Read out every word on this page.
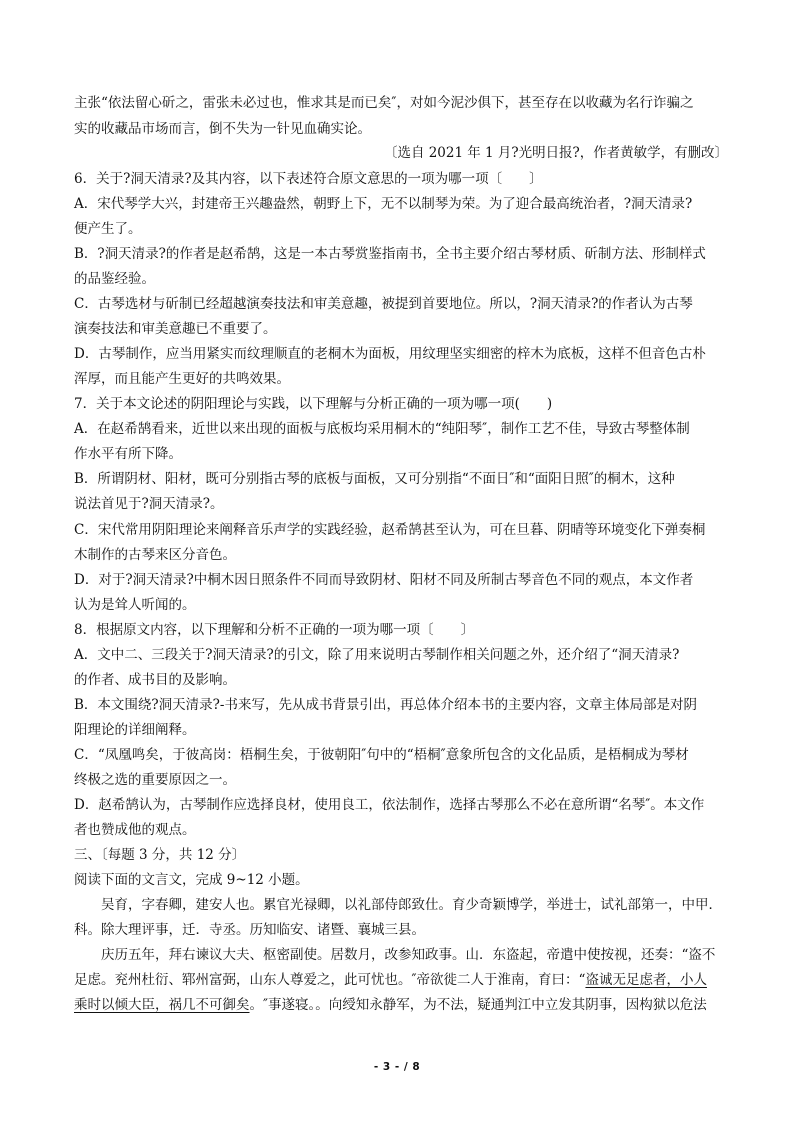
主张“依法留心斫之，雷张未必过也，惟求其是而已矣″，对如今泥沙俱下，甚至存在以收藏为名行诈骗之
实的收藏品市场而言，倒不失为一针见血确实论。
〔选自 2021 年 1 月?光明日报?，作者黄敏学，有删改〕
6．关于?洞天清录?及其内容，以下表述符合原文意思的一项为哪一项〔　　〕
A．宋代琴学大兴，封建帝王兴趣盎然，朝野上下，无不以制琴为荣。为了迎合最高统治者，?洞天清录?
便产生了。
B．?洞天清录?的作者是赵希鹄，这是一本古琴赏鉴指南书，全书主要介绍古琴材质、斫制方法、形制样式
的品鉴经验。
C．古琴选材与斫制已经超越演奏技法和审美意趣，被提到首要地位。所以，?洞天清录?的作者认为古琴
演奏技法和审美意趣已不重要了。
D．古琴制作，应当用紧实而纹理顺直的老桐木为面板，用纹理坚实细密的梓木为底板，这样不但音色古朴
浑厚，而且能产生更好的共鸣效果。
7．关于本文论述的阴阳理论与实践，以下理解与分析正确的一项为哪一项(　　)
A．在赵希鹄看来，近世以来出现的面板与底板均采用桐木的“纯阳琴″，制作工艺不佳，导致古琴整体制
作水平有所下降。
B．所谓阴材、阳材，既可分别指古琴的底板与面板，又可分别指“不面日″和“面阳日照″的桐木，这种
说法首见于?洞天清录?。
C．宋代常用阴阳理论来阐释音乐声学的实践经验，赵希鹄甚至认为，可在旦暮、阴晴等环境变化下弹奏桐
木制作的古琴来区分音色。
D．对于?洞天清录?中桐木因日照条件不同而导致阴材、阳材不同及所制古琴音色不同的观点，本文作者
认为是耸人听闻的。
8．根据原文内容，以下理解和分析不正确的一项为哪一项〔　　〕
A．文中二、三段关于?洞天清录?的引文，除了用来说明古琴制作相关问题之外，还介绍了“洞天清录?
的作者、成书目的及影响。
B．本文围绕?洞天清录?-书来写，先从成书背景引出，再总体介绍本书的主要内容，文章主体局部是对阴
阳理论的详细阐释。
C．“凤凰鸣矣，于彼高岗：梧桐生矣，于彼朝阳″句中的“梧桐″意象所包含的文化品质，是梧桐成为琴材
终极之选的重要原因之一。
D．赵希鹄认为，古琴制作应选择良材，使用良工，依法制作，选择古琴那么不必在意所谓“名琴″。本文作
者也赞成他的观点。
三、〔每题 3 分，共 12 分〕
阅读下面的文言文，完成 9~12 小题。
　　吴育，字春卿，建安人也。累官光禄卿，以礼部侍郎致仕。育少奇颖博学，举进士，试礼部第一，中甲．
科。除大理评事，迁．寺丞。历知临安、诸暨、襄城三县。
　　庆历五年，拜右谏议大夫、枢密副使。居数月，改参知政事。山．东盗起，帝遣中使按视，还奏：“盗不
足虑。兖州杜衍、郓州富弼，山东人尊爱之，此可忧也。″帝欲徙二人于淮南，育曰：“盗诚无足虑者，小人
乘时以倾大臣，祸几不可御矣。″事遂寝。。向绶知永静军，为不法，疑通判江中立发其阴事，因构狱以危法
- 3 - / 8
